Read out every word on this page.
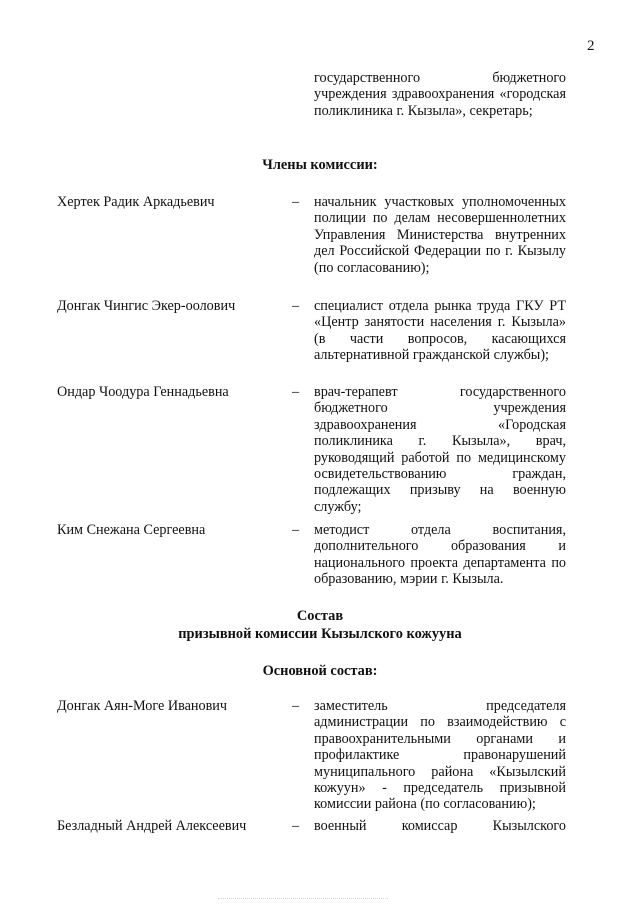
2
государственного бюджетного учреждения здравоохранения «городская поликлиника г. Кызыла», секретарь;
Члены комиссии:
Хертек Радик Аркадьевич	– начальник участковых уполномоченных полиции по делам несовершеннолетних Управления Министерства внутренних дел Российской Федерации по г. Кызылу (по согласованию);
Донгак Чингис Экер-оолович	– специалист отдела рынка труда ГКУ РТ «Центр занятости населения г. Кызыла» (в части вопросов, касающихся альтернативной гражданской службы);
Ондар Чоодура Геннадьевна	– врач-терапевт государственного бюджетного учреждения здравоохранения «Городская поликлиника г. Кызыла», врач, руководящий работой по медицинскому освидетельствованию граждан, подлежащих призыву на военную службу;
Ким Снежана Сергеевна	– методист отдела воспитания, дополнительного образования и национального проекта департамента по образованию, мэрии г. Кызыла.
Состав
призывной комиссии Кызылского кожууна
Основной состав:
Донгак Аян-Моге Иванович	– заместитель председателя администрации по взаимодействию с правоохранительными органами и профилактике правонарушений муниципального района «Кызылский кожуун» - председатель призывной комиссии района (по согласованию);
Безладный Андрей Алексеевич	– военный комиссар Кызылского
